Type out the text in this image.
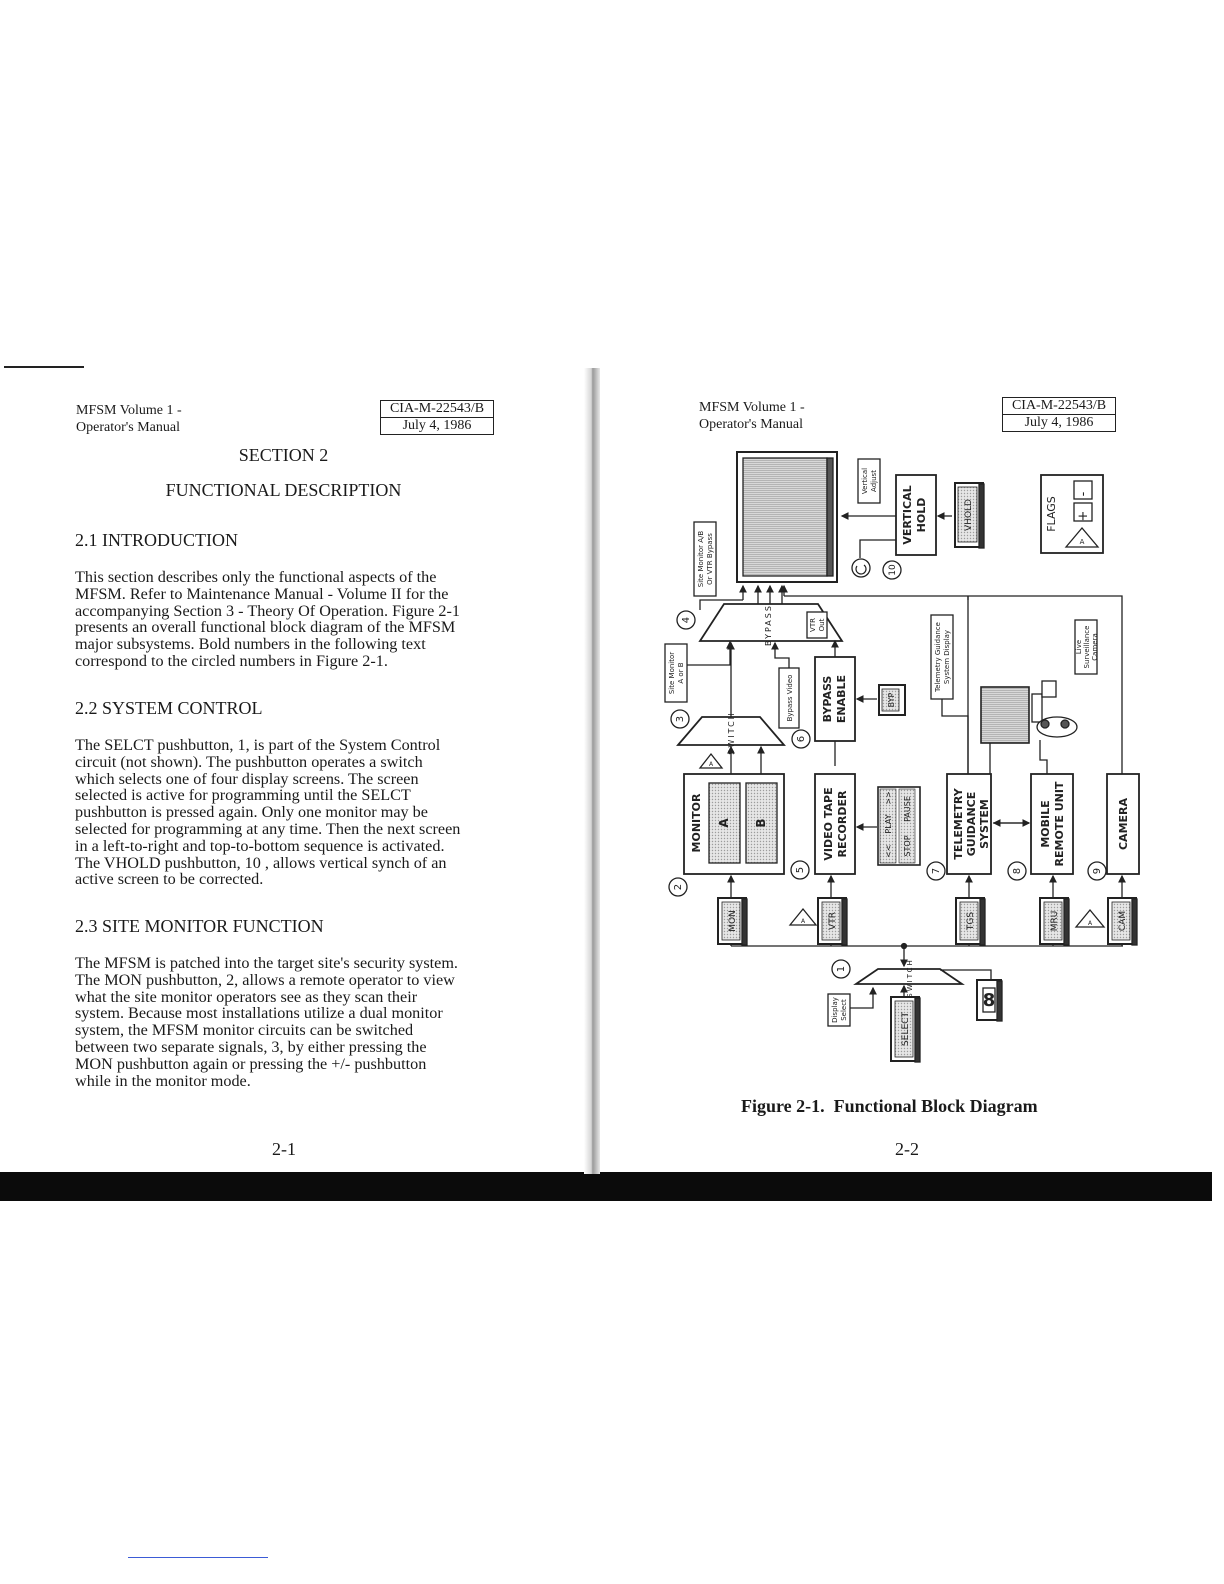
MFSM Volume 1 -
Operator's Manual
CIA-M-22543/B
July 4, 1986
SECTION 2
FUNCTIONAL DESCRIPTION
2.1 INTRODUCTION

This section describes only the functional aspects of the
MFSM. Refer to Maintenance Manual - Volume II for the
accompanying Section 3 - Theory Of Operation. Figure 2-1
presents an overall functional block diagram of the MFSM
major subsystems. Bold numbers in the following text
correspond to the circled numbers in Figure 2-1.

2.2 SYSTEM CONTROL

The SELCT pushbutton, 1, is part of the System Control
circuit (not shown). The pushbutton operates a switch
which selects one of four display screens. The screen
selected is active for programming until the SELCT
pushbutton is pressed again. Only one monitor may be
selected for programming at any time. Then the next screen
in a left-to-right and top-to-bottom sequence is activated.
The VHOLD pushbutton, 10 , allows vertical synch of an
active screen to be corrected.

2.3 SITE MONITOR FUNCTION

The MFSM is patched into the target site's security system.
The MON pushbutton, 2, allows a remote operator to view
what the site monitor operators see as they scan their
system. Because most installations utilize a dual monitor
system, the MFSM monitor circuits can be switched
between two separate signals, 3, by either pressing the
MON pushbutton again or pressing the +/- pushbutton
while in the monitor mode.

2-1
MFSM Volume 1 -
Operator's Manual
CIA-M-22543/B
July 4, 1986
VERTICAL HOLD	FLAGS
BYPASS ENABLE
MONITOR A B	VIDEO TAPE RECORDER	TELEMETRY GUIDANCE SYSTEM	MOBILE REMOTE UNIT	CAMERA
SWITCH
BYPASS
SWITCH
VHOLD
BYP
MON	VTR	TGS	MRU	CAM
SELECT
<<
PLAY
>>
STOP
PAUSE
+
-
A
A
A	A
8
Site Monitor A/B Or VTR Bypass
Site Monitor A or B
VTR Out
Bypass Video
Vertical Adjust
Telemetry Guidance System Display	Live Surveillance Camera
Display Select
1
2
3
4
5
6
7	8	9
10
Figure 2-1.  Functional Block Diagram
2-2
